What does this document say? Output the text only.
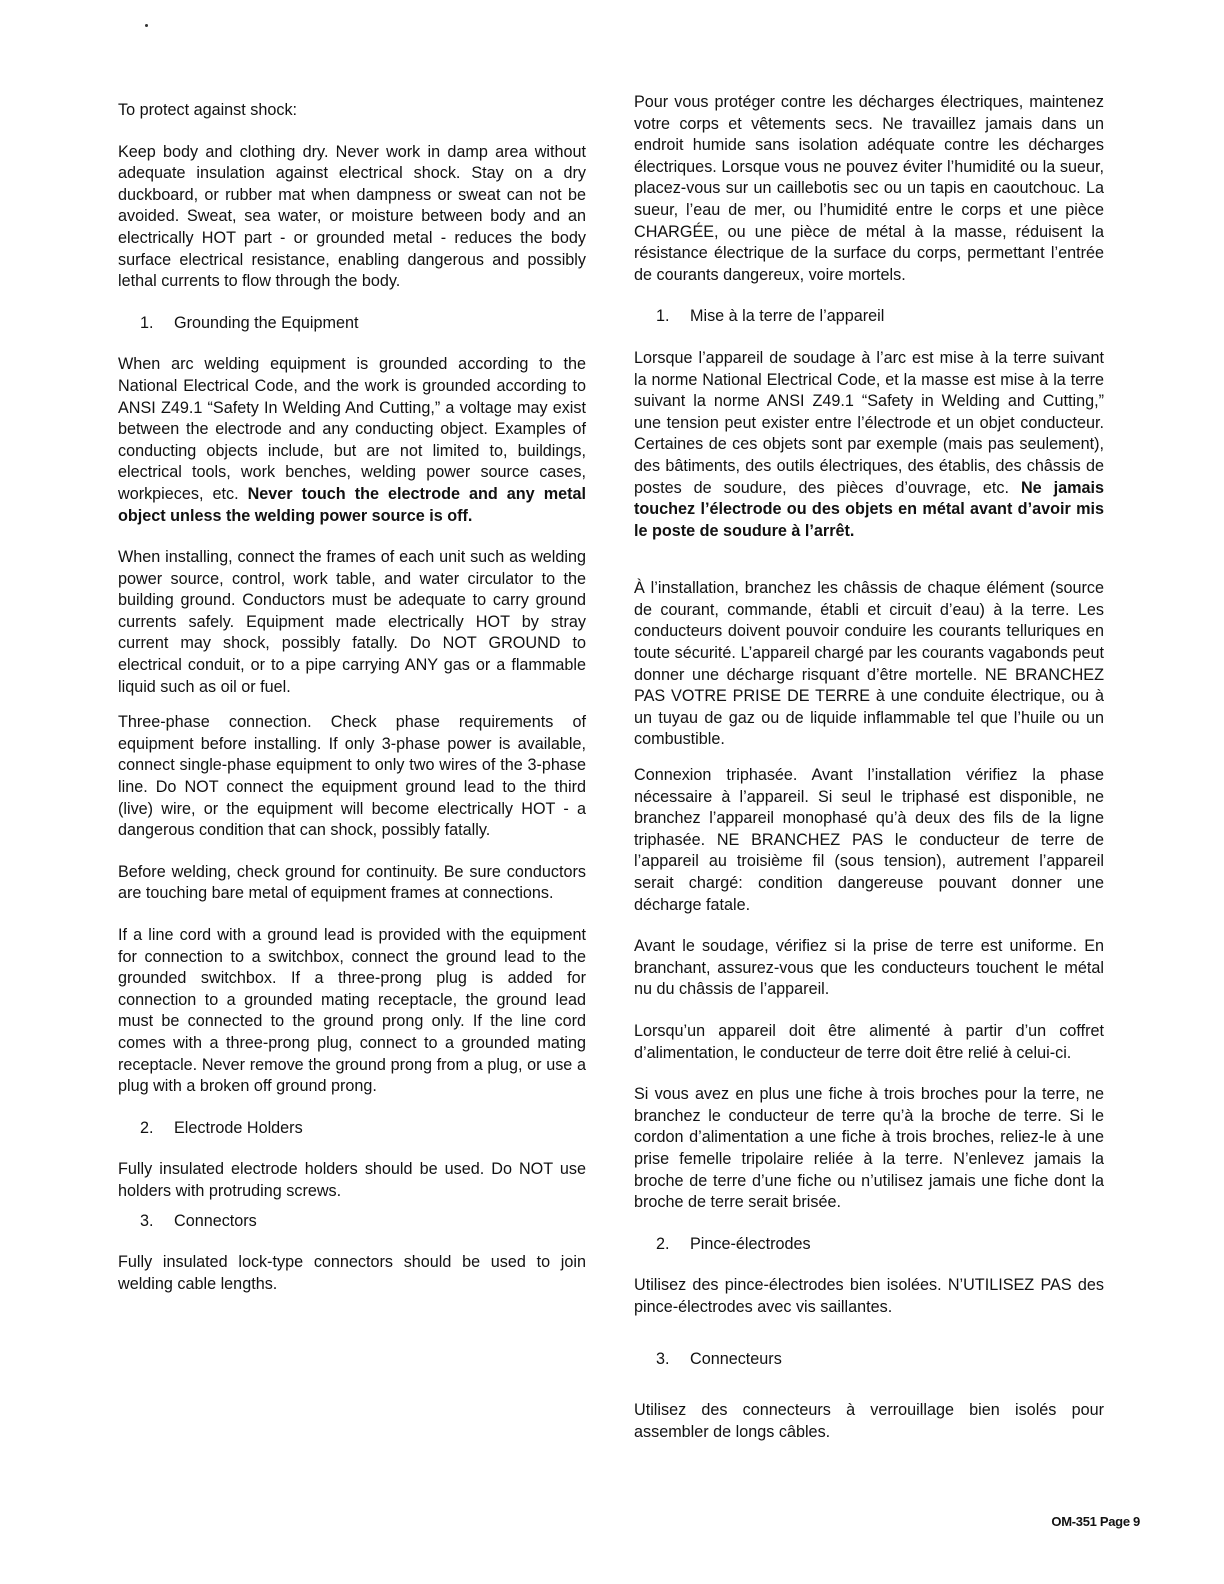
To protect against shock:

Keep body and clothing dry. Never work in damp area without adequate insulation against electrical shock. Stay on a dry duckboard, or rubber mat when dampness or sweat can not be avoided. Sweat, sea water, or moisture between body and an electrically HOT part - or grounded metal - reduces the body surface electrical resistance, enabling dangerous and possibly lethal currents to flow through the body.

1. Grounding the Equipment

When arc welding equipment is grounded according to the National Electrical Code, and the work is grounded according to ANSI Z49.1 “Safety In Welding And Cutting,” a voltage may exist between the electrode and any conducting object. Examples of conducting objects include, but are not limited to, buildings, electrical tools, work benches, welding power source cases, workpieces, etc. Never touch the electrode and any metal object unless the welding power source is off.

When installing, connect the frames of each unit such as welding power source, control, work table, and water circulator to the building ground. Conductors must be adequate to carry ground currents safely. Equipment made electrically HOT by stray current may shock, possibly fatally. Do NOT GROUND to electrical conduit, or to a pipe carrying ANY gas or a flammable liquid such as oil or fuel.

Three-phase connection. Check phase requirements of equipment before installing. If only 3-phase power is available, connect single-phase equipment to only two wires of the 3-phase line. Do NOT connect the equipment ground lead to the third (live) wire, or the equipment will become electrically HOT - a dangerous condition that can shock, possibly fatally.

Before welding, check ground for continuity. Be sure conductors are touching bare metal of equipment frames at connections.

If a line cord with a ground lead is provided with the equipment for connection to a switchbox, connect the ground lead to the grounded switchbox. If a three-prong plug is added for connection to a grounded mating receptacle, the ground lead must be connected to the ground prong only. If the line cord comes with a three-prong plug, connect to a grounded mating receptacle. Never remove the ground prong from a plug, or use a plug with a broken off ground prong.

2. Electrode Holders

Fully insulated electrode holders should be used. Do NOT use holders with protruding screws.

3. Connectors

Fully insulated lock-type connectors should be used to join welding cable lengths.

Pour vous protéger contre les décharges électriques, maintenez votre corps et vêtements secs. Ne travaillez jamais dans un endroit humide sans isolation adéquate contre les décharges électriques. Lorsque vous ne pouvez éviter l’humidité ou la sueur, placez-vous sur un caillebotis sec ou un tapis en caoutchouc. La sueur, l’eau de mer, ou l’humidité entre le corps et une pièce CHARGÉE, ou une pièce de métal à la masse, réduisent la résistance électrique de la surface du corps, permettant l’entrée de courants dangereux, voire mortels.

1. Mise à la terre de l’appareil

Lorsque l’appareil de soudage à l’arc est mise à la terre suivant la norme National Electrical Code, et la masse est mise à la terre suivant la norme ANSI Z49.1 “Safety in Welding and Cutting,” une tension peut exister entre l’électrode et un objet conducteur. Certaines de ces objets sont par exemple (mais pas seulement), des bâtiments, des outils électriques, des établis, des châssis de postes de soudure, des pièces d’ouvrage, etc. Ne jamais touchez l’électrode ou des objets en métal avant d’avoir mis le poste de soudure à l’arrêt.

À l’installation, branchez les châssis de chaque élément (source de courant, commande, établi et circuit d’eau) à la terre. Les conducteurs doivent pouvoir conduire les courants telluriques en toute sécurité. L’appareil chargé par les courants vagabonds peut donner une décharge risquant d’être mortelle. NE BRANCHEZ PAS VOTRE PRISE DE TERRE à une conduite électrique, ou à un tuyau de gaz ou de liquide inflammable tel que l’huile ou un combustible.

Connexion triphasée. Avant l’installation vérifiez la phase nécessaire à l’appareil. Si seul le triphasé est disponible, ne branchez l’appareil monophasé qu’à deux des fils de la ligne triphasée. NE BRANCHEZ PAS le conducteur de terre de l’appareil au troisième fil (sous tension), autrement l’appareil serait chargé: condition dangereuse pouvant donner une décharge fatale.

Avant le soudage, vérifiez si la prise de terre est uniforme. En branchant, assurez-vous que les conducteurs touchent le métal nu du châssis de l’appareil.

Lorsqu’un appareil doit être alimenté à partir d’un coffret d’alimentation, le conducteur de terre doit être relié à celui-ci.

Si vous avez en plus une fiche à trois broches pour la terre, ne branchez le conducteur de terre qu’à la broche de terre. Si le cordon d’alimentation a une fiche à trois broches, reliez-le à une prise femelle tripolaire reliée à la terre. N’enlevez jamais la broche de terre d’une fiche ou n’utilisez jamais une fiche dont la broche de terre serait brisée.

2. Pince-électrodes

Utilisez des pince-électrodes bien isolées. N’UTILISEZ PAS des pince-électrodes avec vis saillantes.

3. Connecteurs

Utilisez des connecteurs à verrouillage bien isolés pour assembler de longs câbles.

OM-351 Page 9
